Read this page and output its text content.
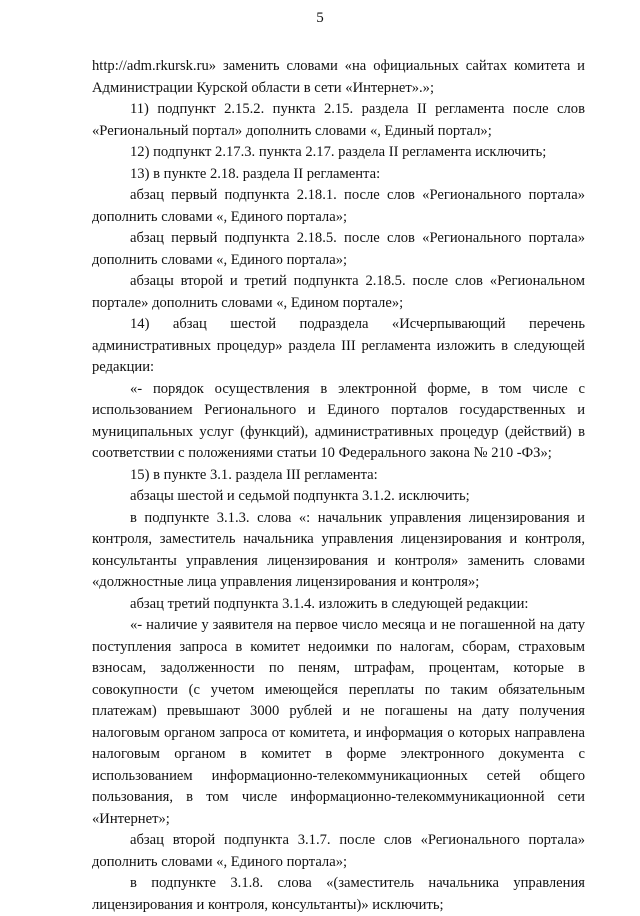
5

http://adm.rkursk.ru» заменить словами «на официальных сайтах комитета и Администрации Курской области в сети «Интернет».»;

11) подпункт 2.15.2. пункта 2.15. раздела II регламента после слов «Региональный портал» дополнить словами «, Единый портал»;

12) подпункт 2.17.3. пункта 2.17. раздела II регламента исключить;

13) в пункте 2.18. раздела II регламента:

абзац первый подпункта 2.18.1. после слов «Регионального портала» дополнить словами «, Единого портала»;

абзац первый подпункта 2.18.5. после слов «Регионального портала» дополнить словами «, Единого портала»;

абзацы второй и третий подпункта 2.18.5. после слов «Региональном портале» дополнить словами «, Едином портале»;

14) абзац шестой подраздела «Исчерпывающий перечень административных процедур» раздела III регламента изложить в следующей редакции:

«- порядок осуществления в электронной форме, в том числе с использованием Регионального и Единого порталов государственных и муниципальных услуг (функций), административных процедур (действий) в соответствии с положениями статьи 10 Федерального закона № 210 -ФЗ»;

15) в пункте 3.1. раздела III регламента:

абзацы шестой и седьмой подпункта 3.1.2. исключить;

в подпункте 3.1.3. слова «: начальник управления лицензирования и контроля, заместитель начальника управления лицензирования и контроля, консультанты управления лицензирования и контроля» заменить словами «должностные лица управления лицензирования и контроля»;

абзац третий подпункта 3.1.4. изложить в следующей редакции:

«- наличие у заявителя на первое число месяца и не погашенной на дату поступления запроса в комитет недоимки по налогам, сборам, страховым взносам, задолженности по пеням, штрафам, процентам, которые в совокупности (с учетом имеющейся переплаты по таким обязательным платежам) превышают 3000 рублей и не погашены на дату получения налоговым органом запроса от комитета, и информация о которых направлена налоговым органом в комитет в форме электронного документа с использованием информационно-телекоммуникационных сетей общего пользования, в том числе информационно-телекоммуникационной сети «Интернет»;

абзац второй подпункта 3.1.7. после слов «Регионального портала» дополнить словами «, Единого портала»;

в подпункте 3.1.8. слова «(заместитель начальника управления лицензирования и контроля, консультанты)» исключить;
